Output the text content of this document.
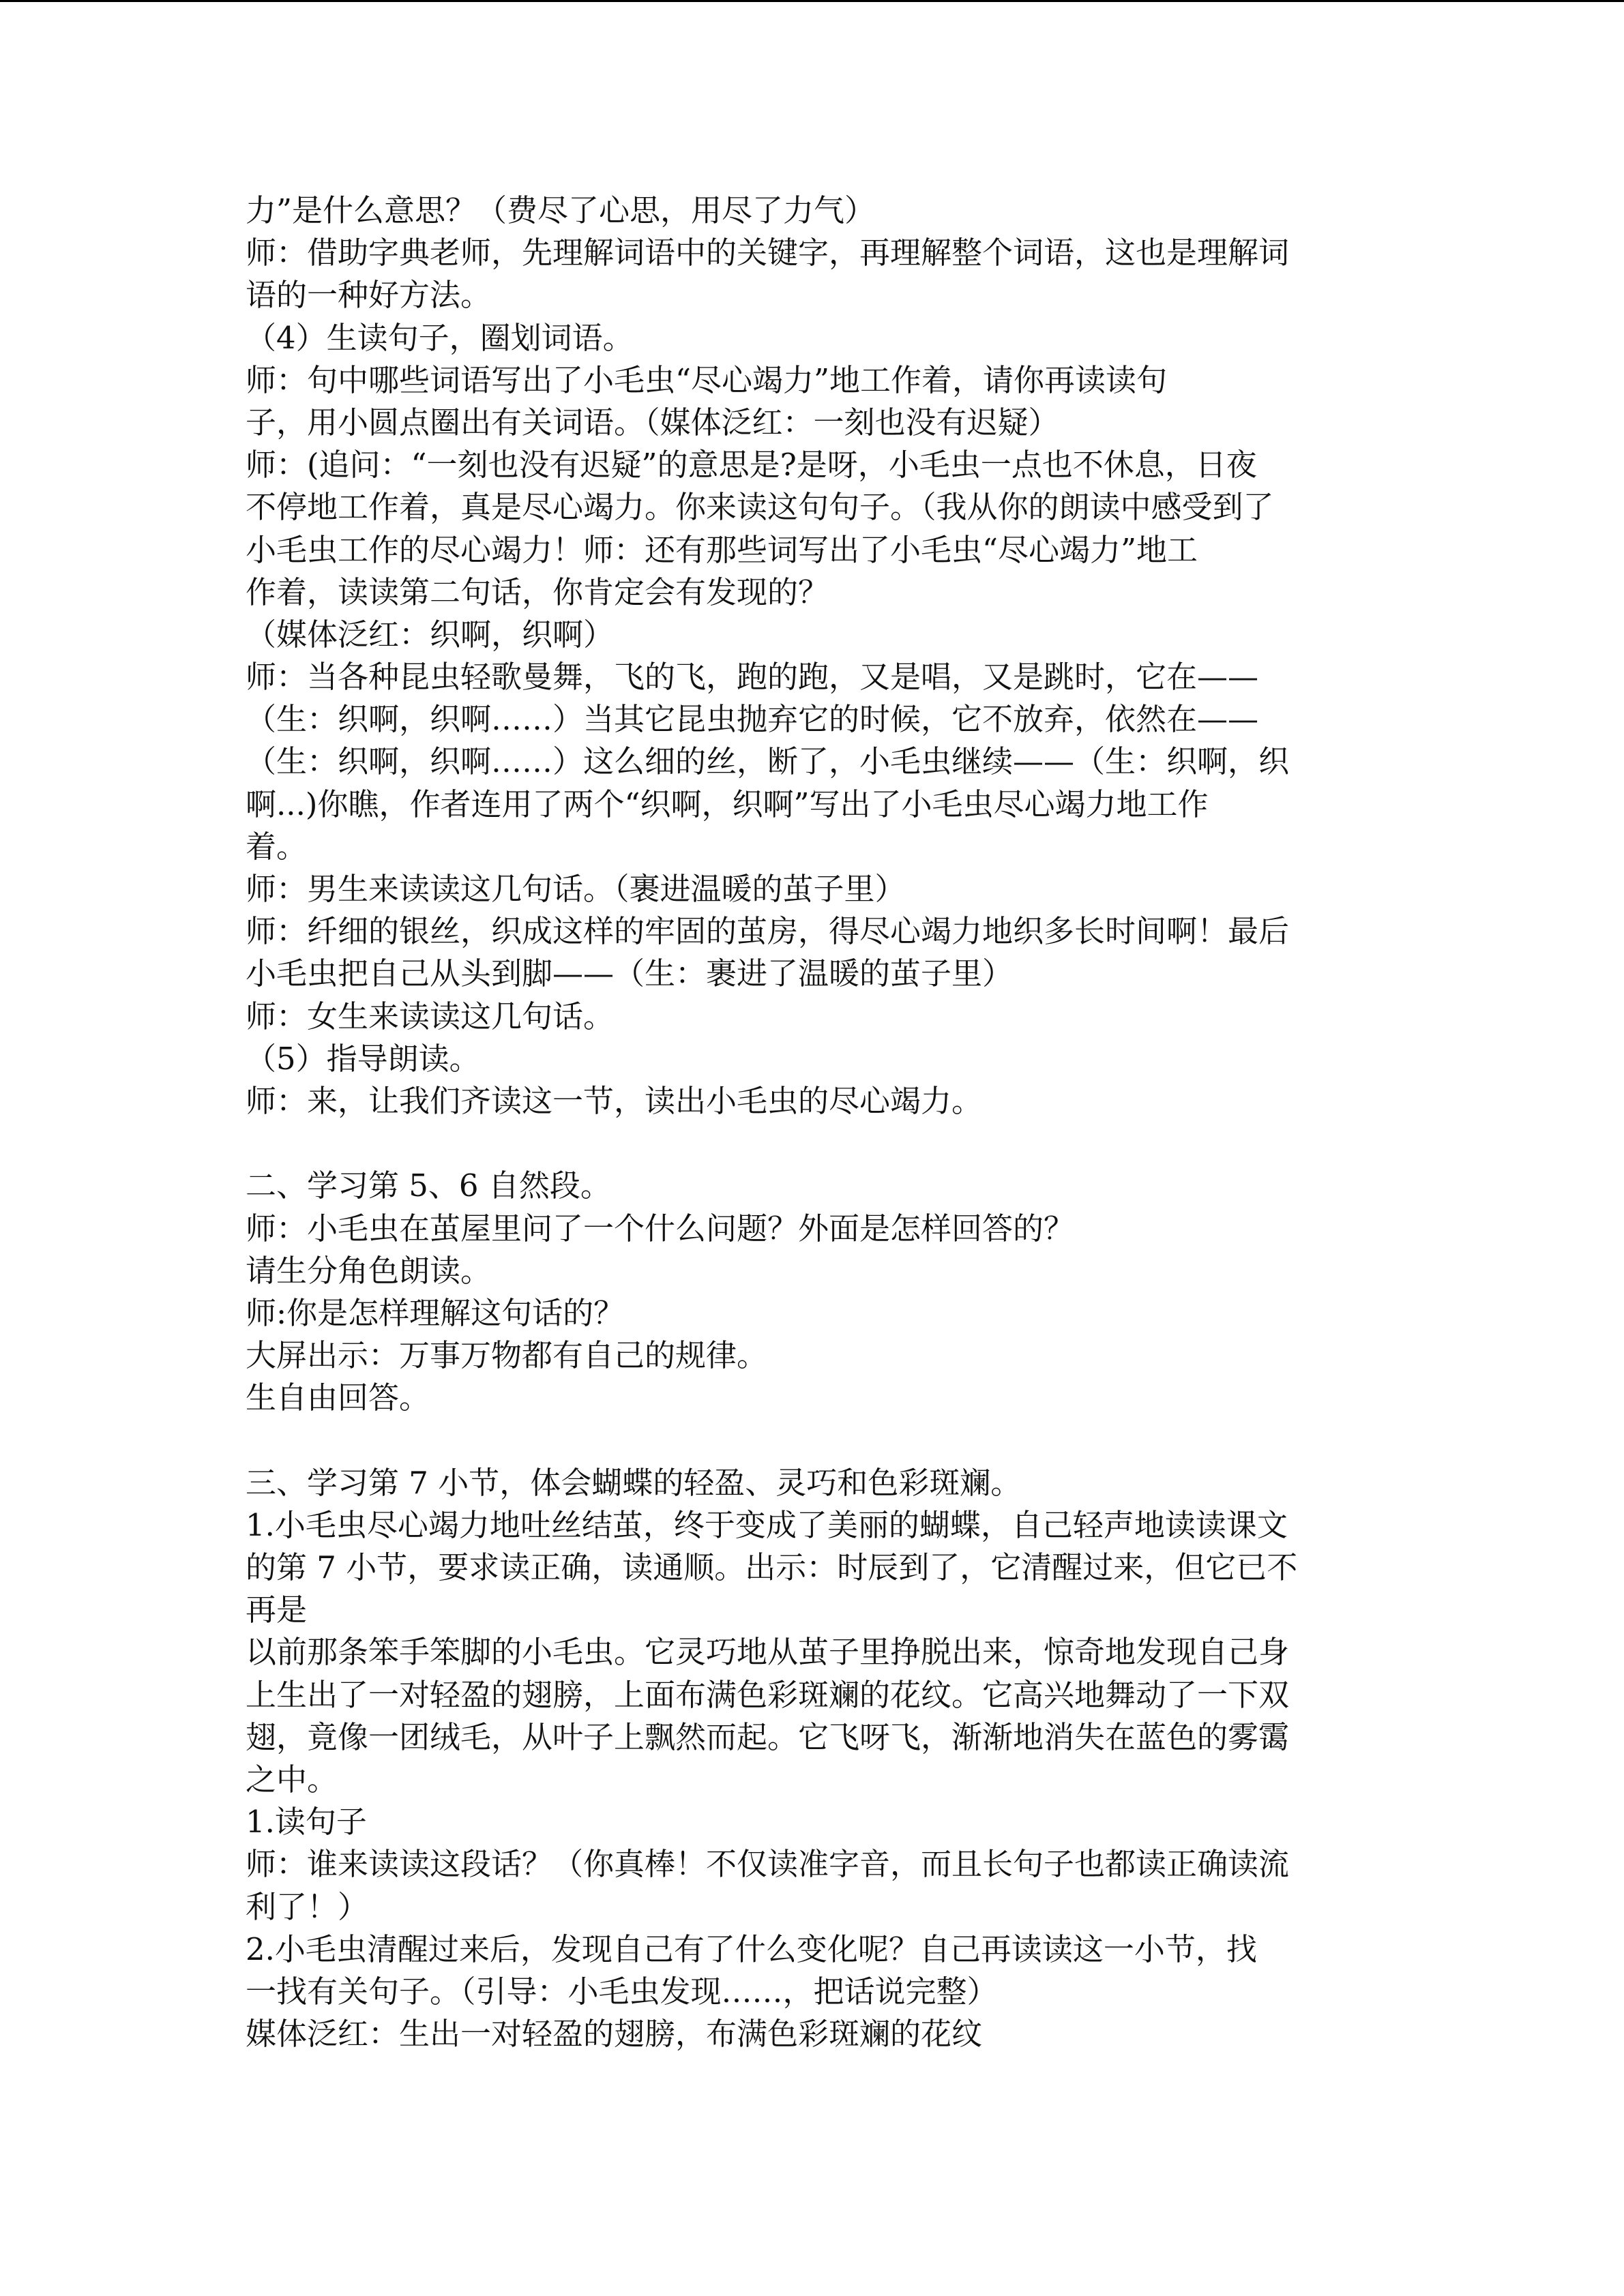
力”是什么意思？（费尽了心思，用尽了力气）
师：借助字典老师，先理解词语中的关键字，再理解整个词语，这也是理解词
语的一种好方法。
（4）生读句子，圈划词语。
师：句中哪些词语写出了小毛虫“尽心竭力”地工作着，请你再读读句
子，用小圆点圈出有关词语。（媒体泛红：一刻也没有迟疑）
师：(追问：“一刻也没有迟疑”的意思是?是呀，小毛虫一点也不休息，日夜
不停地工作着，真是尽心竭力。你来读这句句子。（我从你的朗读中感受到了
小毛虫工作的尽心竭力！师：还有那些词写出了小毛虫“尽心竭力”地工
作着，读读第二句话，你肯定会有发现的？
（媒体泛红：织啊，织啊）
师：当各种昆虫轻歌曼舞，飞的飞，跑的跑，又是唱，又是跳时，它在——
（生：织啊，织啊……）当其它昆虫抛弃它的时候，它不放弃，依然在——
（生：织啊，织啊……）这么细的丝，断了，小毛虫继续——（生：织啊，织
啊...)你瞧，作者连用了两个“织啊，织啊”写出了小毛虫尽心竭力地工作
着。
师：男生来读读这几句话。（裹进温暖的茧子里）
师：纤细的银丝，织成这样的牢固的茧房，得尽心竭力地织多长时间啊！最后
小毛虫把自己从头到脚——（生：裹进了温暖的茧子里）
师：女生来读读这几句话。
（5）指导朗读。
师：来，让我们齐读这一节，读出小毛虫的尽心竭力。
二、学习第 5、6 自然段。
师：小毛虫在茧屋里问了一个什么问题？外面是怎样回答的？
请生分角色朗读。
师:你是怎样理解这句话的？
大屏出示：万事万物都有自己的规律。
生自由回答。
三、学习第 7 小节，体会蝴蝶的轻盈、灵巧和色彩斑斓。
1.小毛虫尽心竭力地吐丝结茧，终于变成了美丽的蝴蝶，自己轻声地读读课文
的第 7 小节，要求读正确，读通顺。出示：时辰到了，它清醒过来，但它已不
再是
以前那条笨手笨脚的小毛虫。它灵巧地从茧子里挣脱出来，惊奇地发现自己身
上生出了一对轻盈的翅膀，上面布满色彩斑斓的花纹。它高兴地舞动了一下双
翅，竟像一团绒毛，从叶子上飘然而起。它飞呀飞，渐渐地消失在蓝色的雾霭
之中。
1.读句子
师：谁来读读这段话？（你真棒！不仅读准字音，而且长句子也都读正确读流
利了！）
2.小毛虫清醒过来后，发现自己有了什么变化呢？自己再读读这一小节，找
一找有关句子。（引导：小毛虫发现……，把话说完整）
媒体泛红：生出一对轻盈的翅膀，布满色彩斑斓的花纹
